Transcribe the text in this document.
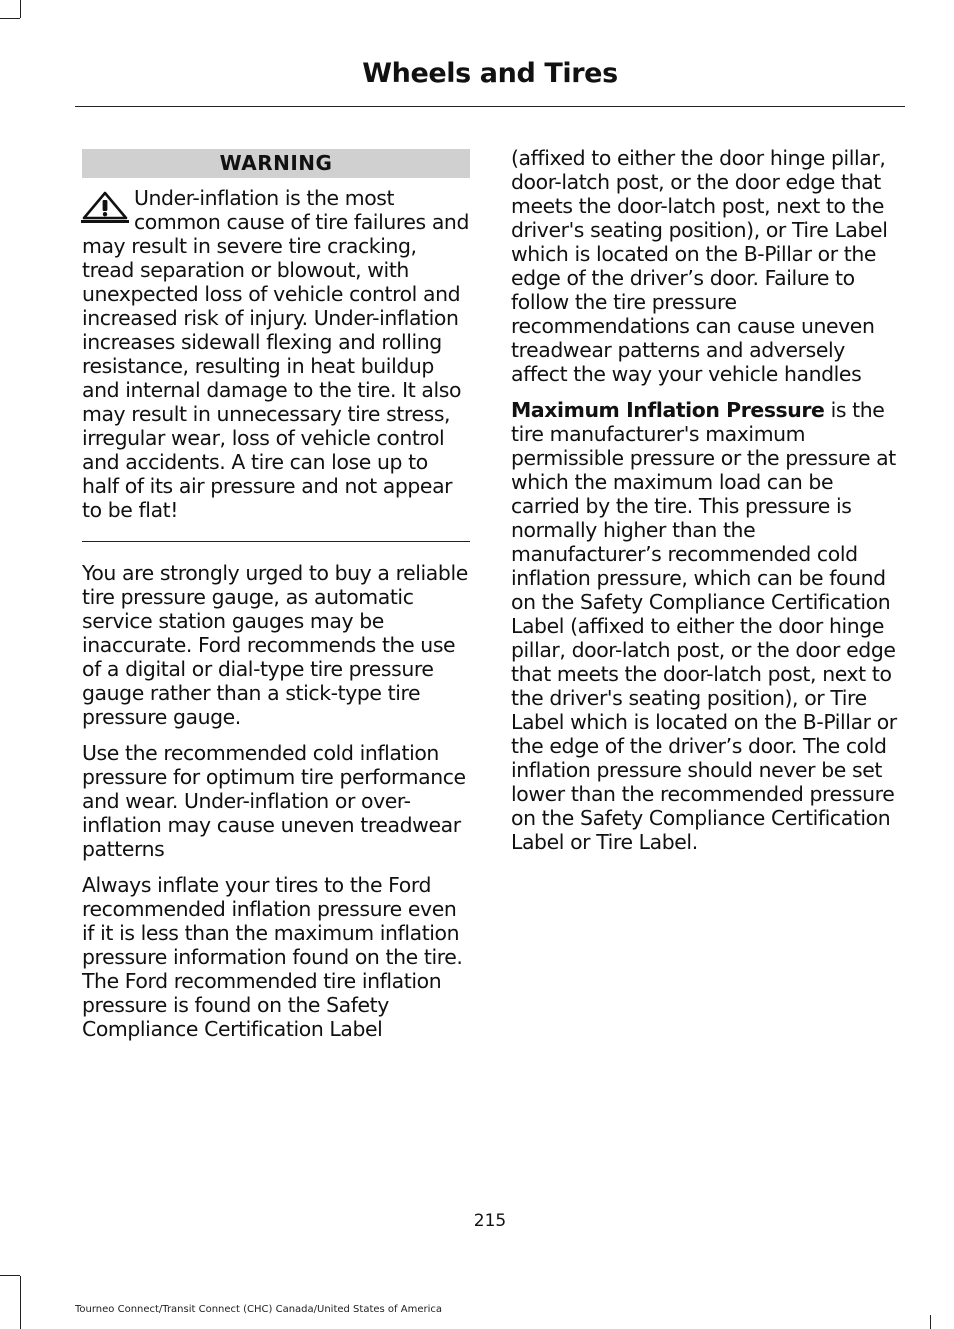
Wheels and Tires
WARNING
Under-inflation is the most common cause of tire failures and may result in severe tire cracking, tread separation or blowout, with unexpected loss of vehicle control and increased risk of injury. Under-inflation increases sidewall flexing and rolling resistance, resulting in heat buildup and internal damage to the tire. It also may result in unnecessary tire stress, irregular wear, loss of vehicle control and accidents. A tire can lose up to half of its air pressure and not appear to be flat!

You are strongly urged to buy a reliable tire pressure gauge, as automatic service station gauges may be inaccurate. Ford recommends the use of a digital or dial-type tire pressure gauge rather than a stick-type tire pressure gauge.

Use the recommended cold inflation pressure for optimum tire performance and wear. Under-inflation or over-inflation may cause uneven treadwear patterns

Always inflate your tires to the Ford recommended inflation pressure even if it is less than the maximum inflation pressure information found on the tire. The Ford recommended tire inflation pressure is found on the Safety Compliance Certification Label

(affixed to either the door hinge pillar, door-latch post, or the door edge that meets the door-latch post, next to the driver's seating position), or Tire Label which is located on the B-Pillar or the edge of the driver’s door. Failure to follow the tire pressure recommendations can cause uneven treadwear patterns and adversely affect the way your vehicle handles

Maximum Inflation Pressure is the tire manufacturer's maximum permissible pressure or the pressure at which the maximum load can be carried by the tire. This pressure is normally higher than the manufacturer’s recommended cold inflation pressure, which can be found on the Safety Compliance Certification Label (affixed to either the door hinge pillar, door-latch post, or the door edge that meets the door-latch post, next to the driver's seating position), or Tire Label which is located on the B-Pillar or the edge of the driver’s door. The cold inflation pressure should never be set lower than the recommended pressure on the Safety Compliance Certification Label or Tire Label.

215
Tourneo Connect/Transit Connect (CHC) Canada/United States of America
